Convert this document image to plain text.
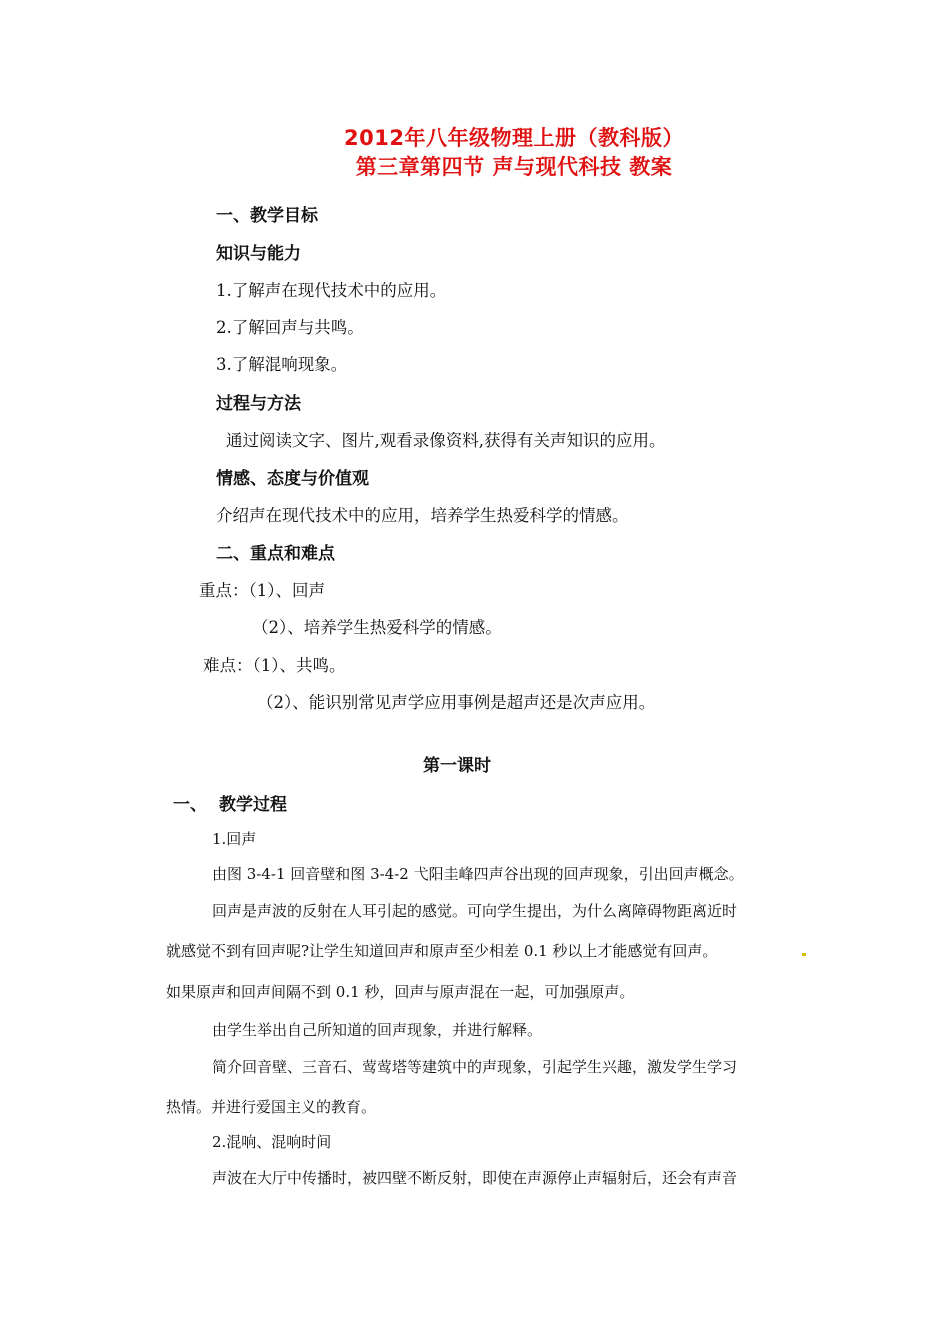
2012年八年级物理上册（教科版）
第三章第四节 声与现代科技 教案
一、教学目标
知识与能力
1.了解声在现代技术中的应用。
2.了解回声与共鸣。
3.了解混响现象。
过程与方法
通过阅读文字、图片,观看录像资料,获得有关声知识的应用。
情感、态度与价值观
介绍声在现代技术中的应用，培养学生热爱科学的情感。
二、重点和难点
重点：（1）、回声
（2）、培养学生热爱科学的情感。
难点：（1）、共鸣。
（2）、能识别常见声学应用事例是超声还是次声应用。
第一课时
一、 教学过程
1.回声
由图 3-4-1 回音壁和图 3-4-2 弋阳圭峰四声谷出现的回声现象，引出回声概念。
回声是声波的反射在人耳引起的感觉。可向学生提出，为什么离障碍物距离近时
就感觉不到有回声呢?让学生知道回声和原声至少相差 0.1 秒以上才能感觉有回声。
如果原声和回声间隔不到 0.1 秒，回声与原声混在一起，可加强原声。
由学生举出自己所知道的回声现象，并进行解释。
简介回音壁、三音石、莺莺塔等建筑中的声现象，引起学生兴趣，激发学生学习
热情。并进行爱国主义的教育。
2.混响、混响时间
声波在大厅中传播时，被四壁不断反射，即使在声源停止声辐射后，还会有声音
